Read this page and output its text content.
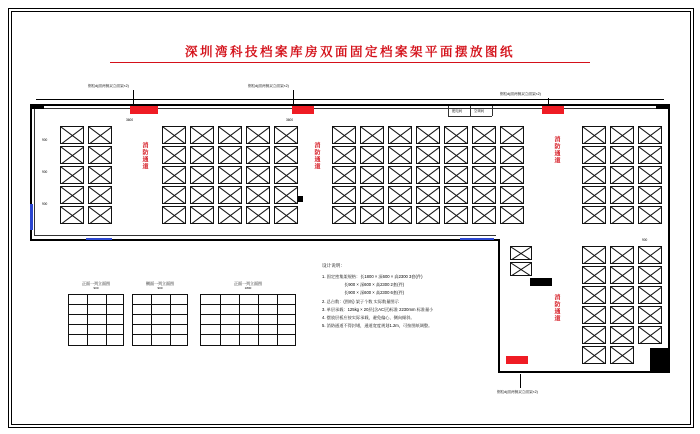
深圳湾科技档案库房双面固定档案架平面摆放图纸
钢柱d(面两侧双立面架×2)	钢柱d(面两侧双立面架×2)
钢柱d(面两侧双立面架×2)
钢柱d(面两侧双立面架×2)
配电间	空调间
消防通道	消防通道	消防通道
消防通道
900
900
900
3600	3600
900
正面一列立面图
900
侧面一列立面图
900
正面一列立面图
1800
设计说明：
1. 固定密集架规格：长1800 × 深600 × 高2300 3套(件)
长900 × 深600 × 高2300 2套(件)
长900 × 深600 × 高2300 6套(件)
2. 总台数：(图纸) 架子个数 实际数量图示
3. 单层承载：125kg × 20层(含AC层)标准 2230mm 标准量小
4. 摆放层板应按实际承载，避免偏心、侧向倾斜。
5. 消防通道不得封堵，通道宽度规划1.2m，可按图纸调整。
